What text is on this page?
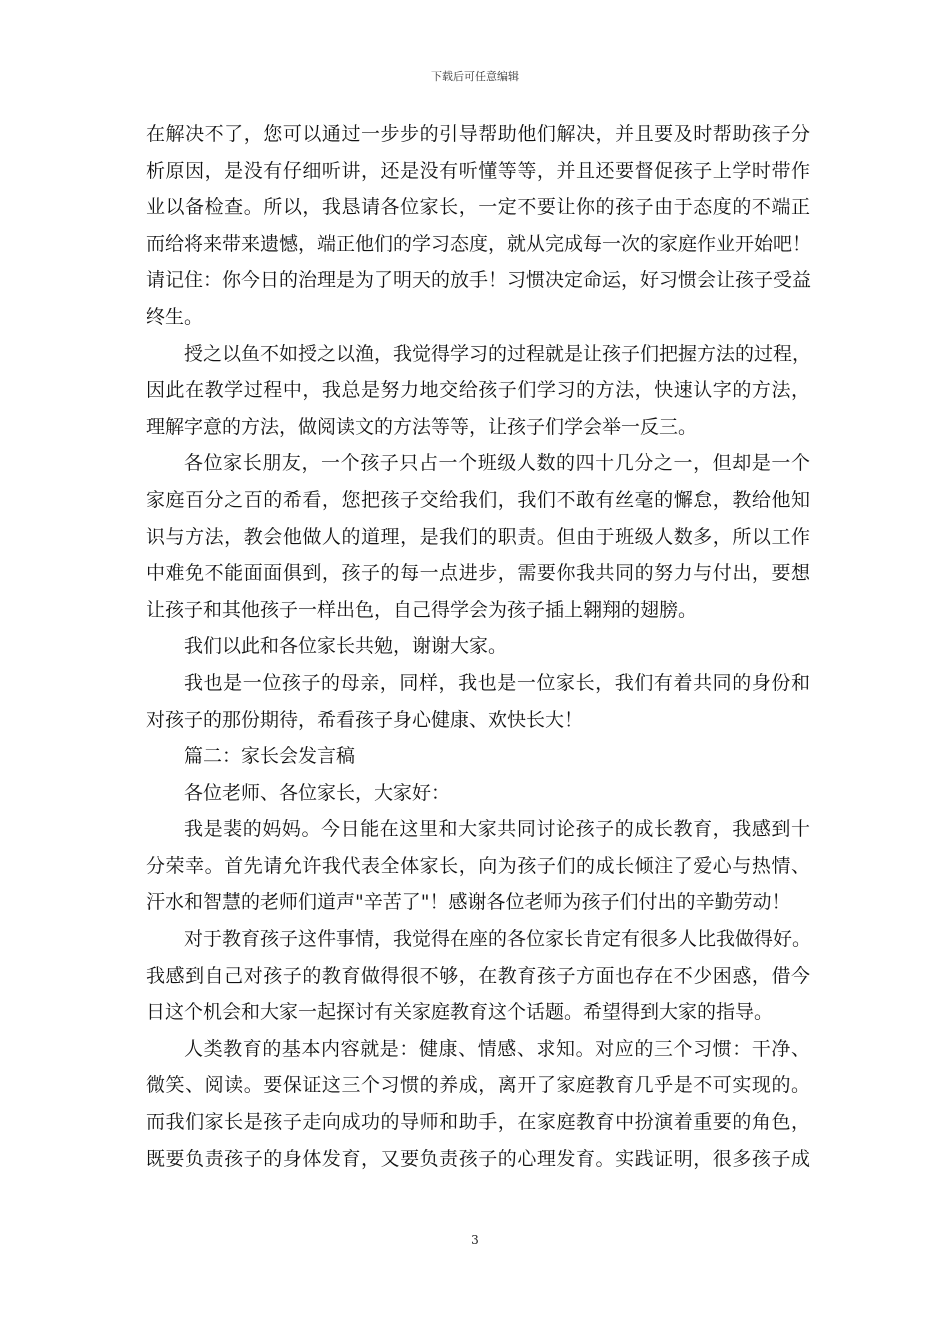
下载后可任意编辑
在解决不了，您可以通过一步步的引导帮助他们解决，并且要及时帮助孩子分
析原因，是没有仔细听讲，还是没有听懂等等，并且还要督促孩子上学时带作
业以备检查。所以，我恳请各位家长，一定不要让你的孩子由于态度的不端正
而给将来带来遗憾，端正他们的学习态度，就从完成每一次的家庭作业开始吧！
请记住：你今日的治理是为了明天的放手！习惯决定命运，好习惯会让孩子受益
终生。
授之以鱼不如授之以渔，我觉得学习的过程就是让孩子们把握方法的过程，
因此在教学过程中，我总是努力地交给孩子们学习的方法，快速认字的方法，
理解字意的方法，做阅读文的方法等等，让孩子们学会举一反三。
各位家长朋友，一个孩子只占一个班级人数的四十几分之一，但却是一个
家庭百分之百的希看，您把孩子交给我们，我们不敢有丝毫的懈怠，教给他知
识与方法，教会他做人的道理，是我们的职责。但由于班级人数多，所以工作
中难免不能面面俱到，孩子的每一点进步，需要你我共同的努力与付出，要想
让孩子和其他孩子一样出色，自己得学会为孩子插上翱翔的翅膀。
我们以此和各位家长共勉，谢谢大家。
我也是一位孩子的母亲，同样，我也是一位家长，我们有着共同的身份和
对孩子的那份期待，希看孩子身心健康、欢快长大！
篇二：家长会发言稿
各位老师、各位家长，大家好：
我是裴的妈妈。今日能在这里和大家共同讨论孩子的成长教育，我感到十
分荣幸。首先请允许我代表全体家长，向为孩子们的成长倾注了爱心与热情、
汗水和智慧的老师们道声"辛苦了"！感谢各位老师为孩子们付出的辛勤劳动！
对于教育孩子这件事情，我觉得在座的各位家长肯定有很多人比我做得好。
我感到自己对孩子的教育做得很不够，在教育孩子方面也存在不少困惑，借今
日这个机会和大家一起探讨有关家庭教育这个话题。希望得到大家的指导。
人类教育的基本内容就是：健康、情感、求知。对应的三个习惯：干净、
微笑、阅读。要保证这三个习惯的养成，离开了家庭教育几乎是不可实现的。
而我们家长是孩子走向成功的导师和助手，在家庭教育中扮演着重要的角色，
既要负责孩子的身体发育，又要负责孩子的心理发育。实践证明，很多孩子成
3
